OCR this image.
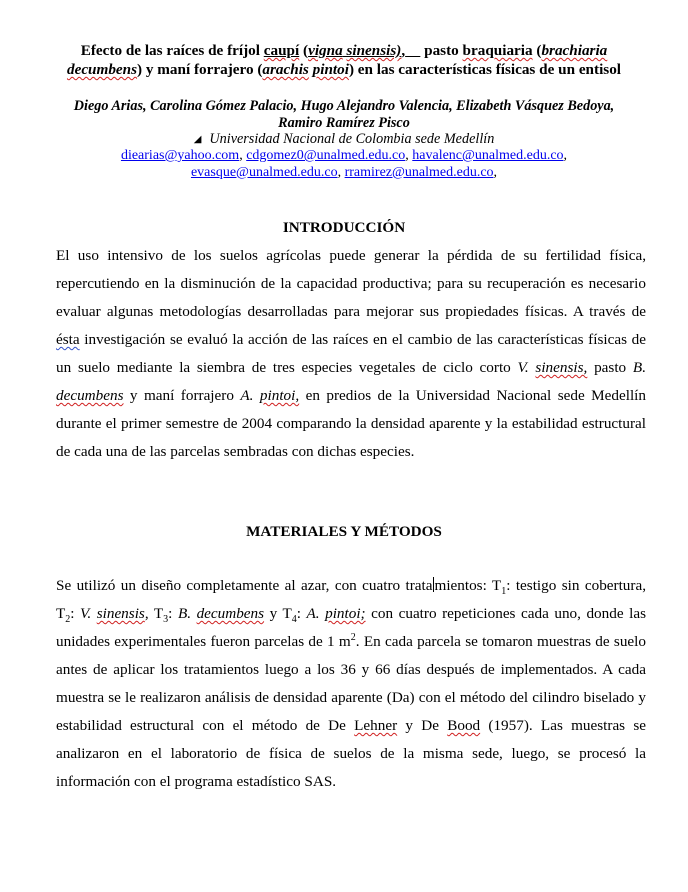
Efecto de las raíces de fríjol caupí (vigna sinensis),     pasto braquiaria (brachiaria
decumbens) y maní forrajero (arachis pintoi) en las características físicas de un entisol
Diego Arias, Carolina Gómez Palacio, Hugo Alejandro Valencia, Elizabeth Vásquez Bedoya,
Ramiro Ramírez Pisco
◢ Universidad Nacional de Colombia sede Medellín
diearias@yahoo.com, cdgomez0@unalmed.edu.co, havalenc@unalmed.edu.co,
evasque@unalmed.edu.co, rramirez@unalmed.edu.co,
INTRODUCCIÓN
El uso intensivo de los suelos agrícolas puede generar la pérdida de su fertilidad física, repercutiendo en la disminución de la capacidad productiva; para su recuperación es necesario evaluar algunas metodologías desarrolladas para mejorar sus propiedades físicas. A través de ésta investigación se evaluó la acción de las raíces en el cambio de las características físicas de un suelo mediante la siembra de tres especies vegetales de ciclo corto V. sinensis, pasto B. decumbens y maní forrajero A. pintoi, en predios de la Universidad Nacional sede Medellín durante el primer semestre de 2004 comparando la densidad aparente y la estabilidad estructural de cada una de las parcelas sembradas con dichas especies.
MATERIALES Y MÉTODOS
Se utilizó un diseño completamente al azar, con cuatro trata mientos: $T_1$: testigo sin cobertura, $T_2$: V. sinensis, $T_3$: B. decumbens y $T_4$: A. pintoi; con cuatro repeticiones cada uno, donde las unidades experimentales fueron parcelas de 1 $m^2$. En cada parcela se tomaron muestras de suelo antes de aplicar los tratamientos luego a los 36 y 66 días después de implementados. A cada muestra se le realizaron análisis de densidad aparente (Da) con el método del cilindro biselado y estabilidad estructural con el método de De Lehner y De Bood (1957). Las muestras se analizaron en el laboratorio de física de suelos de la misma sede, luego, se procesó la información con el programa estadístico SAS.
